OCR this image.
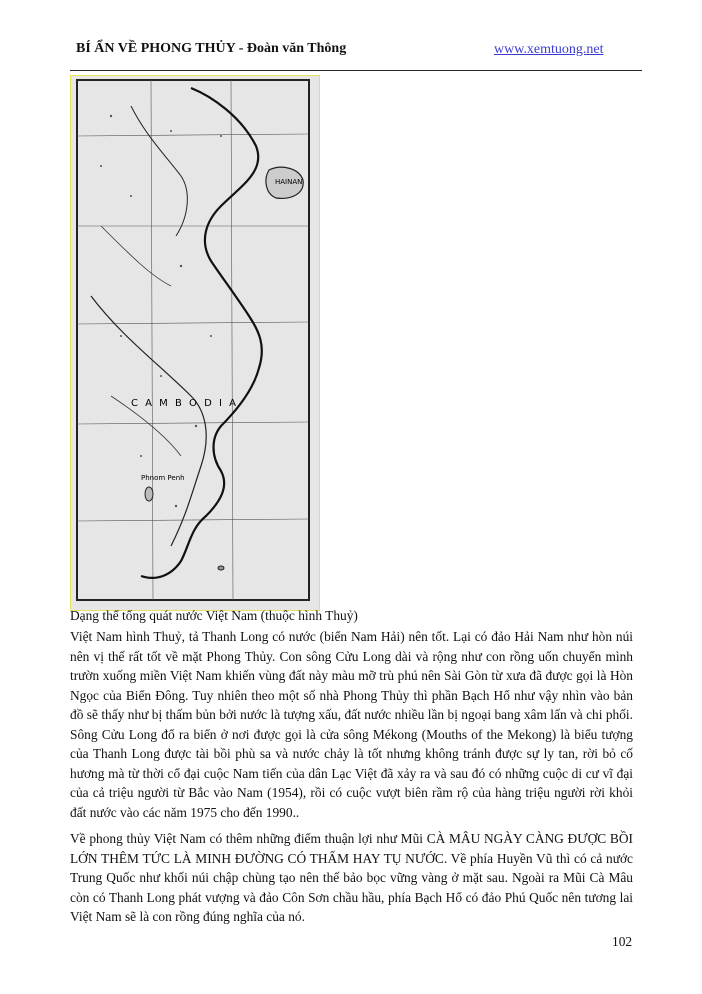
BÍ ẨN VỀ PHONG THỦY - Đoàn văn Thông	www.xemtuong.net
HAINAN
C A M B O D I A
Phnom Penh
Dạng thể tổng quát nước Việt Nam (thuộc hình Thuỷ)

Việt Nam hình Thuỷ, tả Thanh Long có nước (biển Nam Hải) nên tốt. Lại có đảo Hải Nam như hòn núi nên vị thế rất tốt về mặt Phong Thủy. Con sông Cửu Long dài và rộng như con rồng uốn chuyển mình trườn xuống miền Việt Nam khiến vùng đất này màu mỡ trù phú nên Sài Gòn từ xưa đã được gọi là Hòn Ngọc của Biển Đông. Tuy nhiên theo một số nhà Phong Thủy thì phần Bạch Hổ như vậy nhìn vào bản đồ sẽ thấy như bị thấm bủn bởi nước là tượng xấu, đất nước nhiều lần bị ngoại bang xâm lấn và chi phối. Sông Cửu Long đổ ra biển ở nơi được gọi là cửa sông Mékong (Mouths of the Mekong) là biểu tượng của Thanh Long được tài bồi phù sa và nước chảy là tốt nhưng không tránh được sự ly tan, rời bỏ cố hương mà từ thời cổ đại cuộc Nam tiến của dân Lạc Việt đã xảy ra và sau đó có những cuộc di cư vĩ đại của cả triệu người từ Bắc vào Nam (1954), rồi có cuộc vượt biên rầm rộ của hàng triệu người rời khỏi đất nước vào các năm 1975 cho đến 1990..

Về phong thủy Việt Nam có thêm những điểm thuận lợi như Mũi CÀ MÂU NGÀY CÀNG ĐƯỢC BỒI LỚN THÊM TỨC LÀ MINH ĐƯỜNG CÓ THẤM HAY TỤ NƯỚC. Về phía Huyền Vũ thì có cả nước Trung Quốc như khối núi chập chùng tạo nên thế bảo bọc vững vàng ở mặt sau. Ngoài ra Mũi Cà Mâu còn có Thanh Long phát vượng và đảo Côn Sơn chầu hầu, phía Bạch Hổ có đảo Phú Quốc nên tương lai Việt Nam sẽ là con rồng đúng nghĩa của nó.

102
